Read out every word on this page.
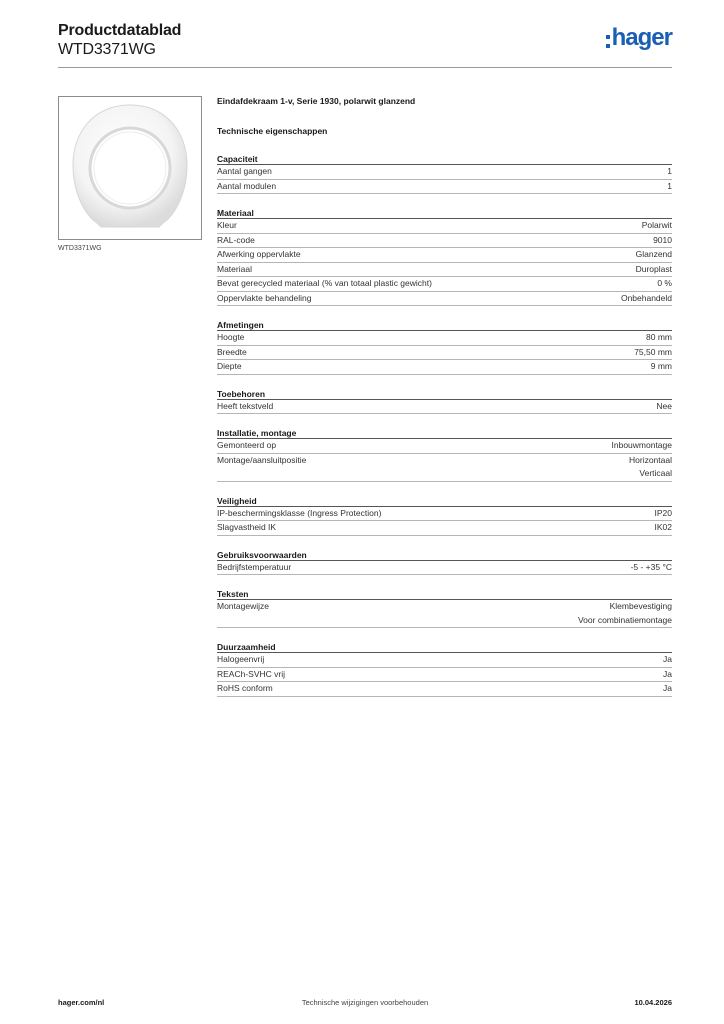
Productdatablad
WTD3371WG	hager
WTD3371WG
Eindafdekraam 1-v, Serie 1930, polarwit glanzend
Technische eigenschappen
Capaciteit
Aantal gangen	1
Aantal modulen	1
Materiaal
Kleur	Polarwit
RAL-code	9010
Afwerking oppervlakte	Glanzend
Materiaal	Duroplast
Bevat gerecycled materiaal (% van totaal plastic gewicht)	0 %
Oppervlakte behandeling	Onbehandeld
Afmetingen
Hoogte	80 mm
Breedte	75,50 mm
Diepte	9 mm
Toebehoren
Heeft tekstveld	Nee
Installatie, montage
Gemonteerd op	Inbouwmontage
Montage/aansluitpositie	Horizontaal
Verticaal
Veiligheid
IP-beschermingsklasse (Ingress Protection)	IP20
Slagvastheid IK	IK02
Gebruiksvoorwaarden
Bedrijfstemperatuur	-5 - +35 °C
Teksten
Montagewijze	Klembevestiging
Voor combinatiemontage
Duurzaamheid
Halogeenvrij	Ja
REACh-SVHC vrij	Ja
RoHS conform	Ja
Technische wijzigingen voorbehouden
hager.com/nl	10.04.2026
